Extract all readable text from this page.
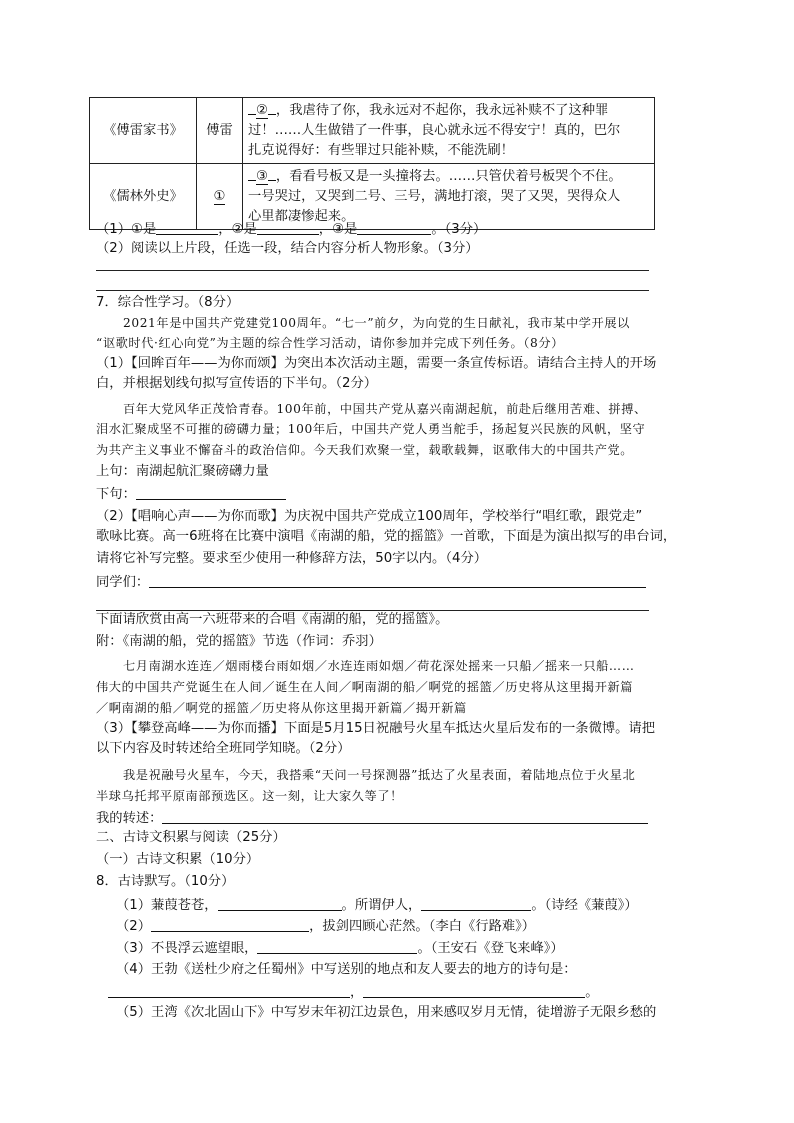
《傅雷家书》	傅雷	② ，我虐待了你，我永远对不起你，我永远补赎不了这种罪
过！……人生做错了一件事，良心就永远不得安宁！真的，巴尔
扎克说得好：有些罪过只能补赎，不能洗刷！

《儒林外史》	①	③ ，看看号板又是一头撞将去。……只管伏着号板哭个不住。
一号哭过，又哭到二号、三号，满地打滚，哭了又哭，哭得众人
心里都凄惨起来。
（1）①是	，②是	，③是	。（3分）
（2）阅读以上片段，任选一段，结合内容分析人物形象。（3分）
7．综合性学习。（8分）
2021年是中国共产党建党100周年。“七一”前夕，为向党的生日献礼，我市某中学开展以
“讴歌时代·红心向党”为主题的综合性学习活动，请你参加并完成下列任务。（8分）
（1）【回眸百年——为你而颂】为突出本次活动主题，需要一条宣传标语。请结合主持人的开场
白，并根据划线句拟写宣传语的下半句。（2分）
百年大党风华正茂恰青春。100年前，中国共产党从嘉兴南湖起航，前赴后继用苦难、拼搏、
泪水汇聚成坚不可摧的磅礴力量；100年后，中国共产党人勇当舵手，扬起复兴民族的风帆，坚守
为共产主义事业不懈奋斗的政治信仰。今天我们欢聚一堂，载歌载舞，讴歌伟大的中国共产党。
上句：南湖起航汇聚磅礴力量
下句：
（2）【唱响心声——为你而歌】为庆祝中国共产党成立100周年，学校举行“唱红歌，跟党走”
歌咏比赛。高一6班将在比赛中演唱《南湖的船，党的摇篮》一首歌，下面是为演出拟写的串台词，
请将它补写完整。要求至少使用一种修辞方法，50字以内。（4分）
同学们：
下面请欣赏由高一六班带来的合唱《南湖的船，党的摇篮》。
附：《南湖的船，党的摇篮》节选（作词：乔羽）
七月南湖水连连／烟雨楼台雨如烟／水连连雨如烟／荷花深处摇来一只船／摇来一只船……
伟大的中国共产党诞生在人间／诞生在人间／啊南湖的船／啊党的摇篮／历史将从这里揭开新篇
／啊南湖的船／啊党的摇篮／历史将从你这里揭开新篇／揭开新篇
（3）【攀登高峰——为你而播】下面是5月15日祝融号火星车抵达火星后发布的一条微博。请把
以下内容及时转述给全班同学知晓。（2分）
我是祝融号火星车，今天，我搭乘“天问一号探测器”抵达了火星表面，着陆地点位于火星北
半球乌托邦平原南部预选区。这一刻，让大家久等了！
我的转述：
二、古诗文积累与阅读（25分）
（一）古诗文积累（10分）
8．古诗默写。（10分）
（1）蒹葭苍苍，	。所谓伊人，	。（诗经《蒹葭》）
（2）	，拔剑四顾心茫然。（李白《行路难》）
（3）不畏浮云遮望眼，	。（王安石《登飞来峰》）
（4）王勃《送杜少府之任蜀州》中写送别的地点和友人要去的地方的诗句是：
，	。
（5）王湾《次北固山下》中写岁末年初江边景色，用来感叹岁月无情，徒增游子无限乡愁的
